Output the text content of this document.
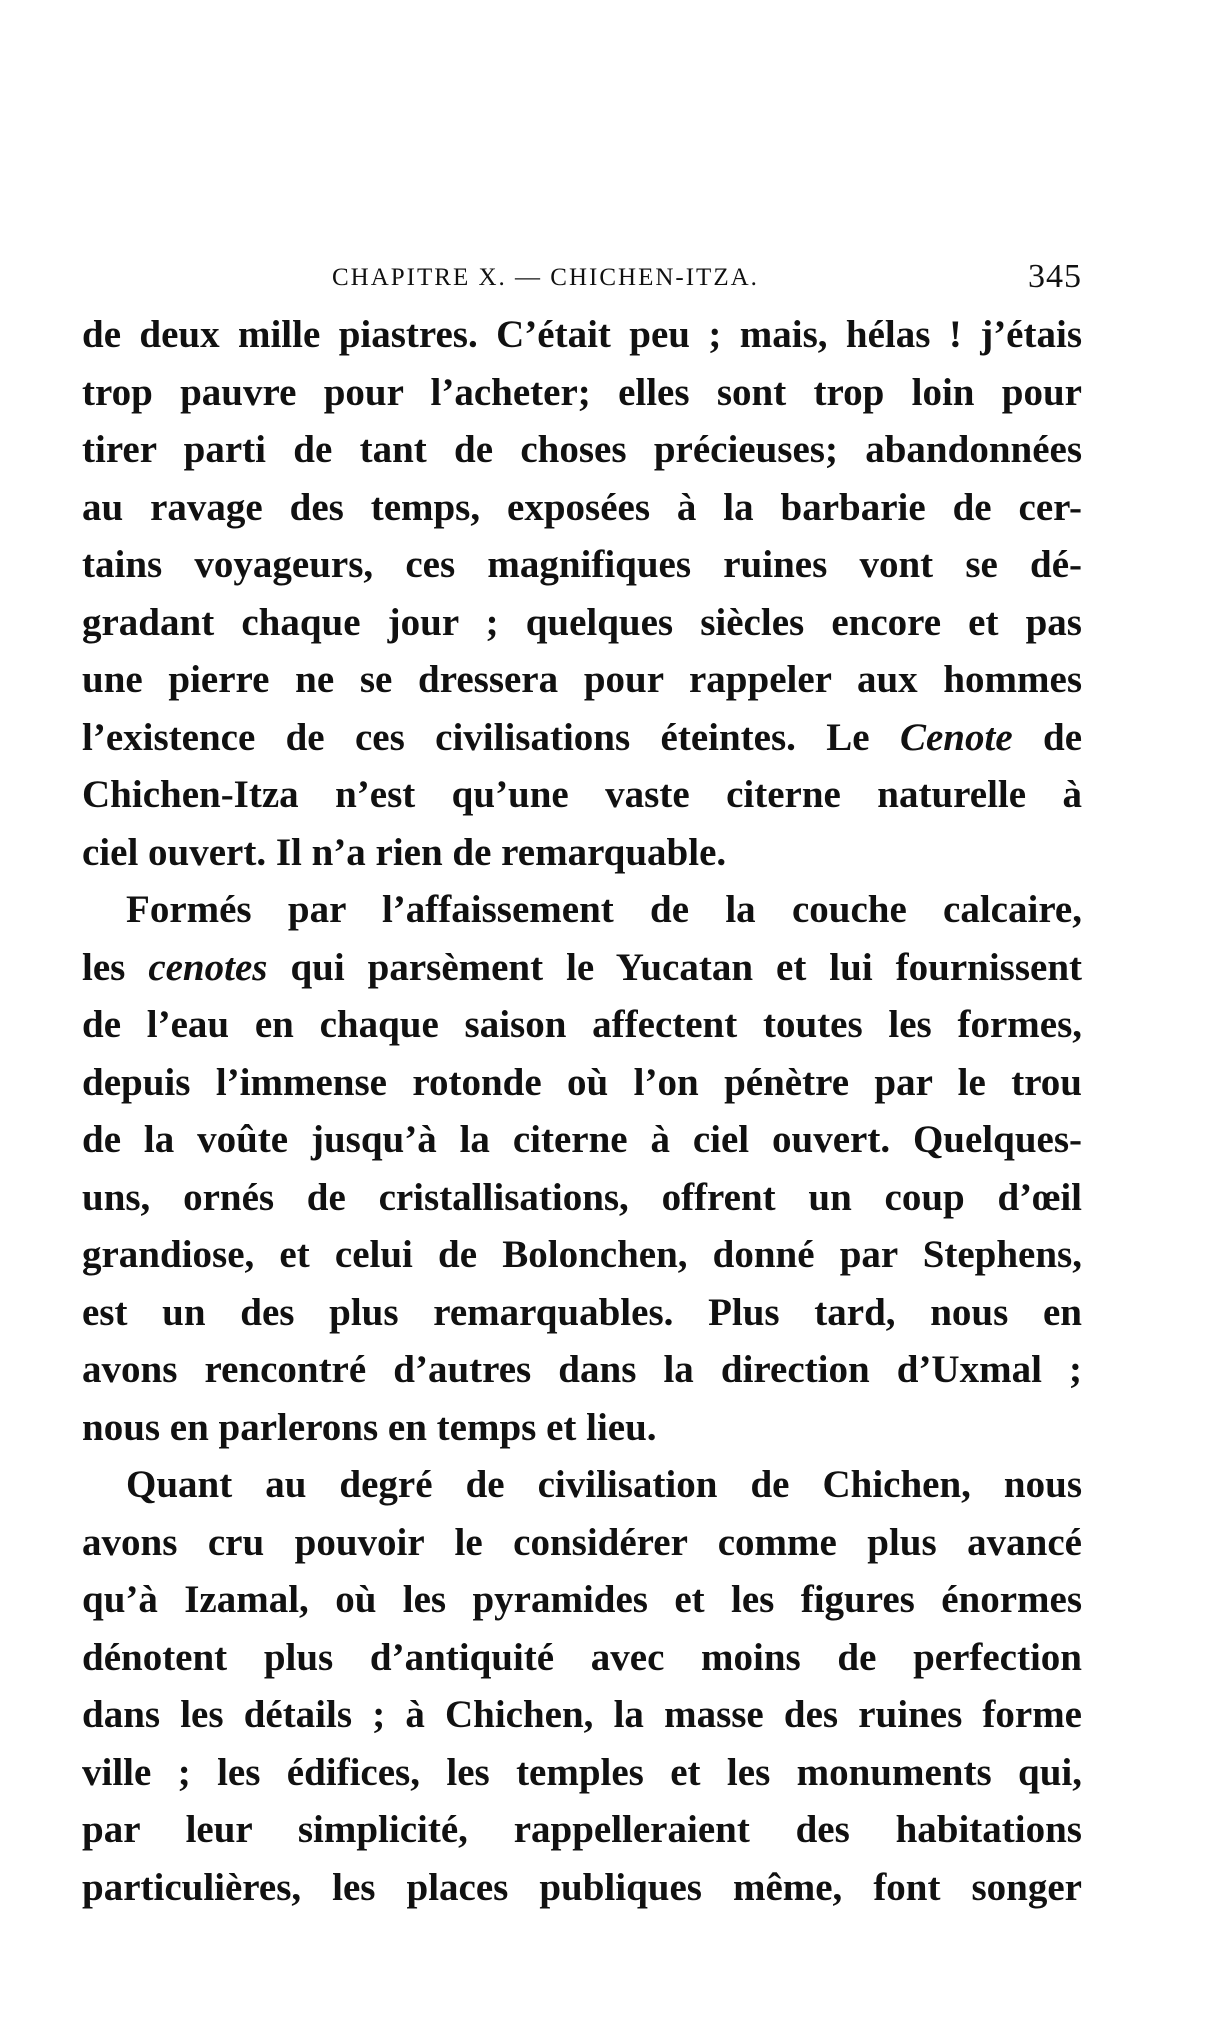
CHAPITRE X. — CHICHEN-ITZA.	345
de deux mille piastres. C’était peu ; mais, hélas ! j’étais
trop pauvre pour l’acheter; elles sont trop loin pour
tirer parti de tant de choses précieuses; abandonnées
au ravage des temps, exposées à la barbarie de cer-
tains voyageurs, ces magnifiques ruines vont se dé-
gradant chaque jour ; quelques siècles encore et pas
une pierre ne se dressera pour rappeler aux hommes
l’existence de ces civilisations éteintes. Le Cenote de
Chichen-Itza n’est qu’une vaste citerne naturelle à
ciel ouvert. Il n’a rien de remarquable.
Formés par l’affaissement de la couche calcaire,
les cenotes qui parsèment le Yucatan et lui fournissent
de l’eau en chaque saison affectent toutes les formes,
depuis l’immense rotonde où l’on pénètre par le trou
de la voûte jusqu’à la citerne à ciel ouvert. Quelques-
uns, ornés de cristallisations, offrent un coup d’œil
grandiose, et celui de Bolonchen, donné par Stephens,
est un des plus remarquables. Plus tard, nous en
avons rencontré d’autres dans la direction d’Uxmal ;
nous en parlerons en temps et lieu.
Quant au degré de civilisation de Chichen, nous
avons cru pouvoir le considérer comme plus avancé
qu’à Izamal, où les pyramides et les figures énormes
dénotent plus d’antiquité avec moins de perfection
dans les détails ; à Chichen, la masse des ruines forme
ville ; les édifices, les temples et les monuments qui,
par leur simplicité, rappelleraient des habitations
particulières, les places publiques même, font songer
